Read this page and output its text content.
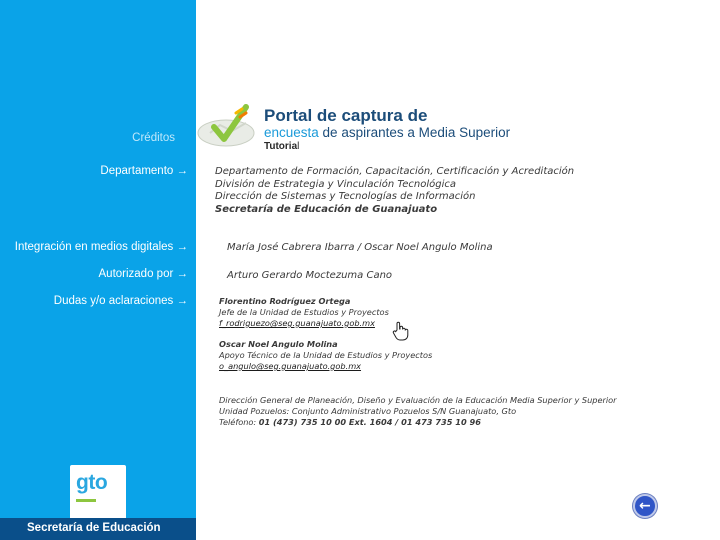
gto
Secretaría de Educación
Créditos
Departamento →
Integración en medios digitales →
Autorizado por →
Dudas y/o aclaraciones →
Portal de captura de
encuesta de aspirantes a Media Superior
Tutorial
Departamento de Formación, Capacitación, Certificación y Acreditación
División de Estrategia y Vinculación Tecnológica
Dirección de Sistemas y Tecnologías de Información
Secretaría de Educación de Guanajuato
María José Cabrera Ibarra / Oscar Noel Angulo Molina
Arturo Gerardo Moctezuma Cano
Florentino Rodríguez Ortega
Jefe de la Unidad de Estudios y Proyectos
f_rodriguezo@seg.guanajuato.gob.mx
Oscar Noel Angulo Molina
Apoyo Técnico de la Unidad de Estudios y Proyectos
o_angulo@seg.guanajuato.gob.mx
Dirección General de Planeación, Diseño y Evaluación de la Educación Media Superior y Superior
Unidad Pozuelos: Conjunto Administrativo Pozuelos S/N Guanajuato, Gto
Teléfono: 01 (473) 735 10 00 Ext. 1604 / 01 473 735 10 96
←
